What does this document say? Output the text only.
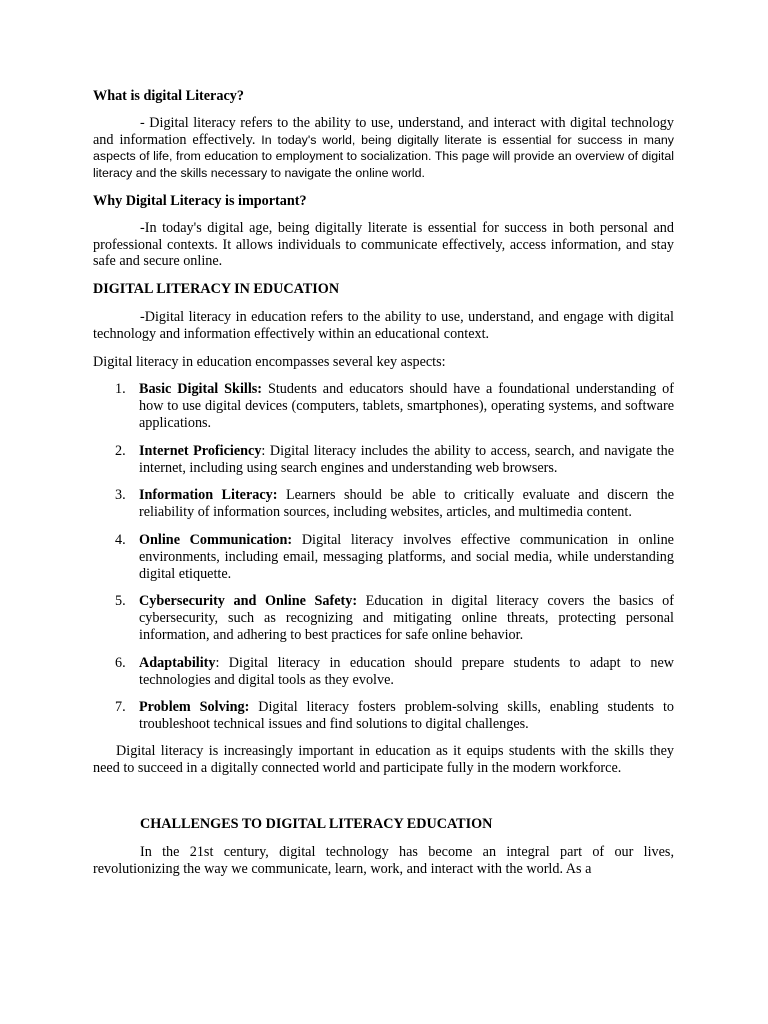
What is digital Literacy?

- Digital literacy refers to the ability to use, understand, and interact with digital technology and information effectively. In today's world, being digitally literate is essential for success in many aspects of life, from education to employment to socialization. This page will provide an overview of digital literacy and the skills necessary to navigate the online world.

Why Digital Literacy is important?

-In today's digital age, being digitally literate is essential for success in both personal and professional contexts. It allows individuals to communicate effectively, access information, and stay safe and secure online.

DIGITAL LITERACY IN EDUCATION

-Digital literacy in education refers to the ability to use, understand, and engage with digital technology and information effectively within an educational context.

Digital literacy in education encompasses several key aspects:

1. Basic Digital Skills: Students and educators should have a foundational understanding of how to use digital devices (computers, tablets, smartphones), operating systems, and software applications.
2. Internet Proficiency: Digital literacy includes the ability to access, search, and navigate the internet, including using search engines and understanding web browsers.
3. Information Literacy: Learners should be able to critically evaluate and discern the reliability of information sources, including websites, articles, and multimedia content.
4. Online Communication: Digital literacy involves effective communication in online environments, including email, messaging platforms, and social media, while understanding digital etiquette.
5. Cybersecurity and Online Safety: Education in digital literacy covers the basics of cybersecurity, such as recognizing and mitigating online threats, protecting personal information, and adhering to best practices for safe online behavior.
6. Adaptability: Digital literacy in education should prepare students to adapt to new technologies and digital tools as they evolve.
7. Problem Solving: Digital literacy fosters problem-solving skills, enabling students to troubleshoot technical issues and find solutions to digital challenges.

Digital literacy is increasingly important in education as it equips students with the skills they need to succeed in a digitally connected world and participate fully in the modern workforce.

CHALLENGES TO DIGITAL LITERACY EDUCATION

In the 21st century, digital technology has become an integral part of our lives, revolutionizing the way we communicate, learn, work, and interact with the world. As a
